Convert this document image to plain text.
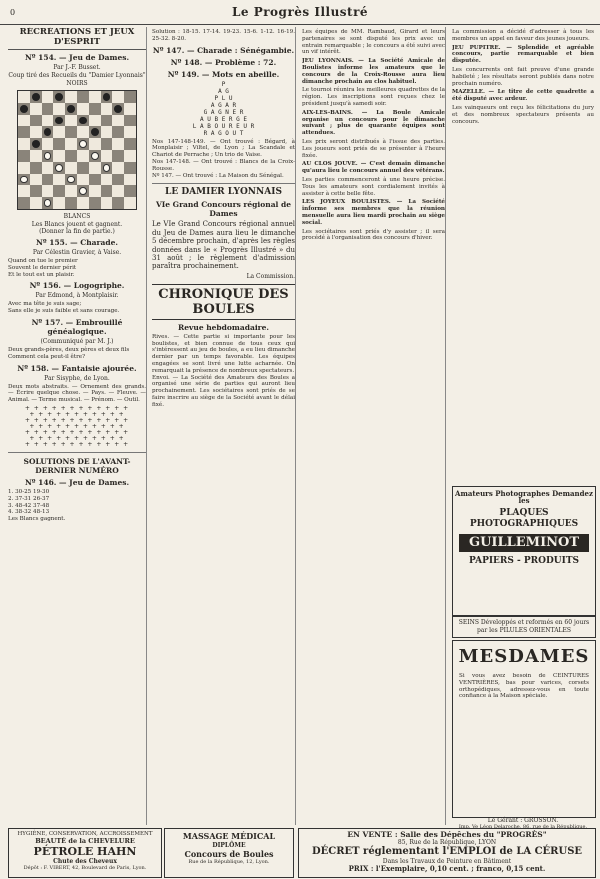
0	Le Progrès Illustré
RÉCRÉATIONS ET JEUX D'ESPRIT
Nº 154. — Jeu de Dames.
Par J.-F. Busset.
Coup tiré des Recueils du "Damier Lyonnais"
NOIRS
BLANCS
Les Blancs jouent et gagnent.
(Donner la fin de partie.)
Nº 155. — Charade.
Par Célestin Gravier, à Vaise.
Quand on tue le premier
Souvent le dernier périt
Et le tout est un plaisir.
Nº 156. — Logogriphe.
Par Edmond, à Montplaisir.
Avec ma tête je suis sage;
Sans elle je suis faible et sans courage.
Nº 157. — Embrouillé généalogique.
(Communiqué par M. J.)
Deux grands-pères, deux pères et deux fils
Comment cela peut-il être?
Nº 158. — Fantaisie ajourée.
Par Sisyphe, de Lyon.
Deux mots abstraits. — Ornement des grands. — Écrire quelque chose. — Pays. — Fleuve. — Animal. — Terme musical. — Prénom. — Outil.
+ + + + + + + + + + + +
+ + + + + + + + + + +
+ + + + + + + + + + + +
+ + + + + + + + + + +
+ + + + + + + + + + + +
+ + + + + + + + + + +
+ + + + + + + + + + + +
SOLUTIONS DE L'AVANT-DERNIER NUMÉRO
Nº 146. — Jeu de Dames.
1. 30-25 19-30
2. 37-31 26-37
3. 48-42 37-48
4. 38-32 48-13
Les Blancs gagnent.
Solution : 18-15. 17-14. 19-23. 15-6. 1-12. 16-19. 25-32. 8-20.
Nº 147. — Charade : Sénégambie.
Nº 148. — Problème : 72.
Nº 149. — Mots en abeille.
P
A G
P L U
A G A R
G A G N E R
A U B E R G E
L A B O U R E U R
R A G O U T
Nos 147-148-149. — Ont trouvé : Bégard, à Monplaisir ; Viltel, de Lyon ; La Scandale et Chariot de Perrache ; Un trio de Vaise.
Nos 147-148. — Ont trouvé : Blancs de la Croix-Rousse.
Nº 147. — Ont trouvé : La Maison du Sénégal.
LE DAMIER LYONNAIS
VIe Grand Concours régional de Dames
Le VIe Grand Concours régional annuel du Jeu de Dames aura lieu le dimanche 5 décembre prochain, d'après les règles données dans le « Progrès Illustré » du 31 août ; le règlement d'admission paraîtra prochainement.
La Commission.
CHRONIQUE DES BOULES
Revue hebdomadaire.
Rives. — Cette partie si importante pour les boulistes, et bien connue de tous ceux qui s'intéressent au jeu de boules, a eu lieu dimanche dernier par un temps favorable. Les équipes engagées se sont livré une lutte acharnée. On remarquait la présence de nombreux spectateurs.
Envoi. — La Société des Amateurs des Boules a organisé une série de parties qui auront lieu prochainement. Les sociétaires sont priés de se faire inscrire au siège de la Société avant le délai fixé.
Les équipes de MM. Rambaud, Girard et leurs partenaires se sont disputé les prix avec un entrain remarquable ; le concours a été suivi avec un vif intérêt.
JEU LYONNAIS. — La Société Amicale de Boulistes informe les amateurs que le concours de la Croix-Rousse aura lieu dimanche prochain au clos habituel.
Le tournoi réunira les meilleures quadrettes de la région. Les inscriptions sont reçues chez le président jusqu'à samedi soir.
AIX-LES-BAINS. — La Boule Amicale organise un concours pour le dimanche suivant ; plus de quarante équipes sont attendues.
Les prix seront distribués à l'issue des parties. Les joueurs sont priés de se présenter à l'heure fixée.
AU CLOS JOUVE. — C'est demain dimanche qu'aura lieu le concours annuel des vétérans.
Les parties commenceront à une heure précise. Tous les amateurs sont cordialement invités à assister à cette belle fête.
LES JOYEUX BOULISTES. — La Société informe ses membres que la réunion mensuelle aura lieu mardi prochain au siège social.
Les sociétaires sont priés d'y assister ; il sera procédé à l'organisation des concours d'hiver.
La commission a décidé d'adresser à tous les membres un appel en faveur des jeunes joueurs.
JEU PUPITRE. — Splendide et agréable concours, partie remarquable et bien disputée.
Les concurrents ont fait preuve d'une grande habileté ; les résultats seront publiés dans notre prochain numéro.
MAZELLE. — Le titre de cette quadrette a été disputé avec ardeur.
Les vainqueurs ont reçu les félicitations du jury et des nombreux spectateurs présents au concours.
Amateurs Photographes Demandez les
PLAQUES PHOTOGRAPHIQUES
GUILLEMINOT
PAPIERS - PRODUITS
SEINS Développés et reformés en 60 jours par les PILULES ORIENTALES
MESDAMES
Si vous avez besoin de CEINTURES VENTRIÈRES, bas pour varices, corsets orthopédiques, adressez-vous en toute confiance à la Maison spéciale.
Le Gérant : GROSSON.
Imp. Ve Léon Delaroche, 86, rue de la République.
HYGIÈNE, CONSERVATION, ACCROISSEMENT
BEAUTÉ de la CHEVELURE
PÉTROLE HAHN
Chute des Cheveux
Dépôt : F. VIBERT, 42, Boulevard de Paris, Lyon.
MASSAGE MÉDICAL
DIPLÔME
Concours de Boules
Rue de la République, 12, Lyon.
EN VENTE : Salle des Dépêches du "PROGRÈS"
85, Rue de la République, LYON
DÉCRET réglementant l'EMPLOI de LA CÉRUSE
Dans les Travaux de Peinture en Bâtiment
PRIX : l'Exemplaire, 0,10 cent. ; franco, 0,15 cent.
